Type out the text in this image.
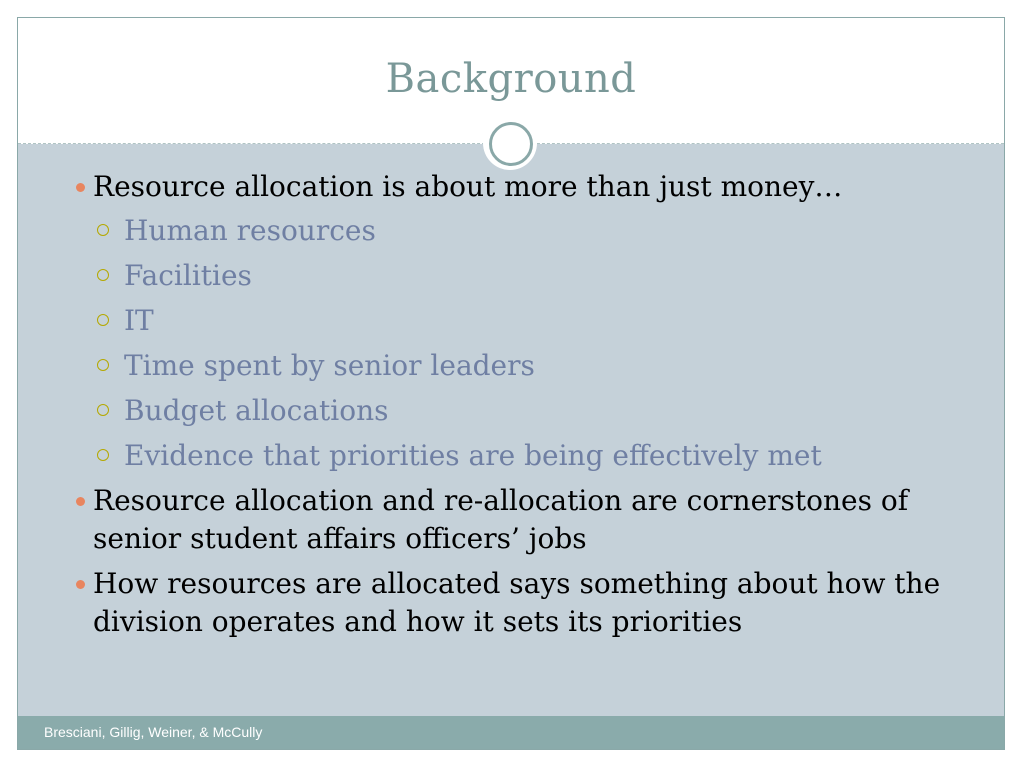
Background
Resource allocation is about more than just money…
Human resources
Facilities
IT
Time spent by senior leaders
Budget allocations
Evidence that priorities are being effectively met
Resource allocation and re-allocation are cornerstones of senior student affairs officers’ jobs
How resources are allocated says something about how the division operates and how it sets its priorities
Bresciani, Gillig, Weiner, & McCully
